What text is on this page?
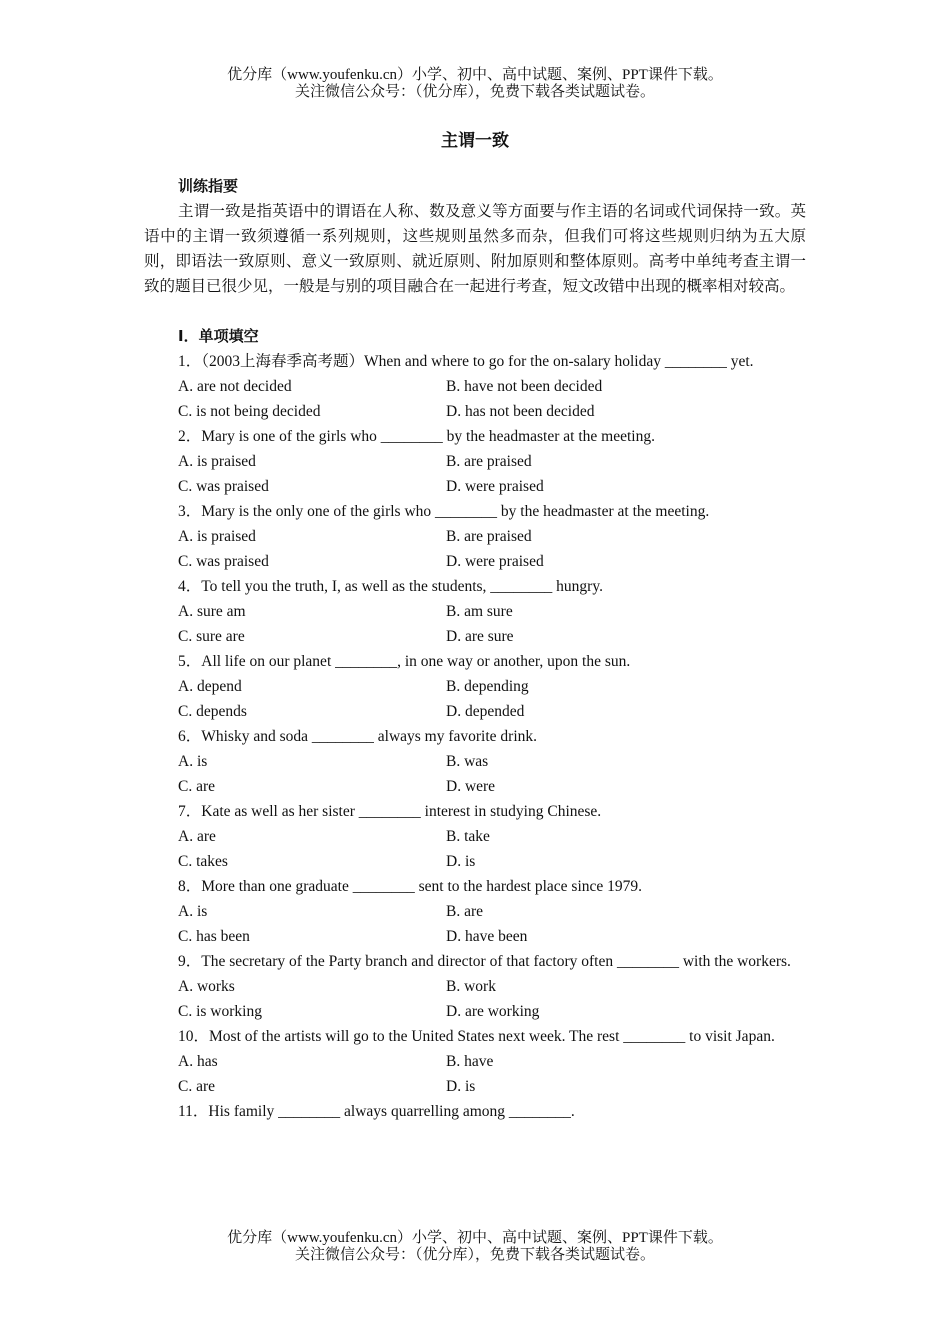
优分库（www.youfenku.cn）小学、初中、高中试题、案例、PPT课件下载。
关注微信公众号：（优分库），免费下载各类试题试卷。
主谓一致
训练指要
主谓一致是指英语中的谓语在人称、数及意义等方面要与作主语的名词或代词保持一致。英语中的主谓一致须遵循一系列规则，这些规则虽然多而杂，但我们可将这些规则归纳为五大原则，即语法一致原则、意义一致原则、就近原则、附加原则和整体原则。高考中单纯考查主谓一致的题目已很少见，一般是与别的项目融合在一起进行考查，短文改错中出现的概率相对较高。
Ⅰ．单项填空
1．（2003上海春季高考题）When and where to go for the on-salary holiday ________ yet.
A. are not decided	B. have not been decided
C. is not being decided	D. has not been decided
2．Mary is one of the girls who ________ by the headmaster at the meeting.
A. is praised	B. are praised
C. was praised	D. were praised
3．Mary is the only one of the girls who ________ by the headmaster at the meeting.
A. is praised	B. are praised
C. was praised	D. were praised
4．To tell you the truth, I, as well as the students, ________ hungry.
A. sure am	B. am sure
C. sure are	D. are sure
5．All life on our planet ________, in one way or another, upon the sun.
A. depend	B. depending
C. depends	D. depended
6．Whisky and soda ________ always my favorite drink.
A. is	B. was
C. are	D. were
7．Kate as well as her sister ________ interest in studying Chinese.
A. are	B. take
C. takes	D. is
8．More than one graduate ________ sent to the hardest place since 1979.
A. is	B. are
C. has been	D. have been
9．The secretary of the Party branch and director of that factory often ________ with the workers.
A. works	B. work
C. is working	D. are working
10．Most of the artists will go to the United States next week. The rest ________ to visit Japan.
A. has	B. have
C. are	D. is
11．His family ________ always quarrelling among ________.
优分库（www.youfenku.cn）小学、初中、高中试题、案例、PPT课件下载。
关注微信公众号：（优分库），免费下载各类试题试卷。
